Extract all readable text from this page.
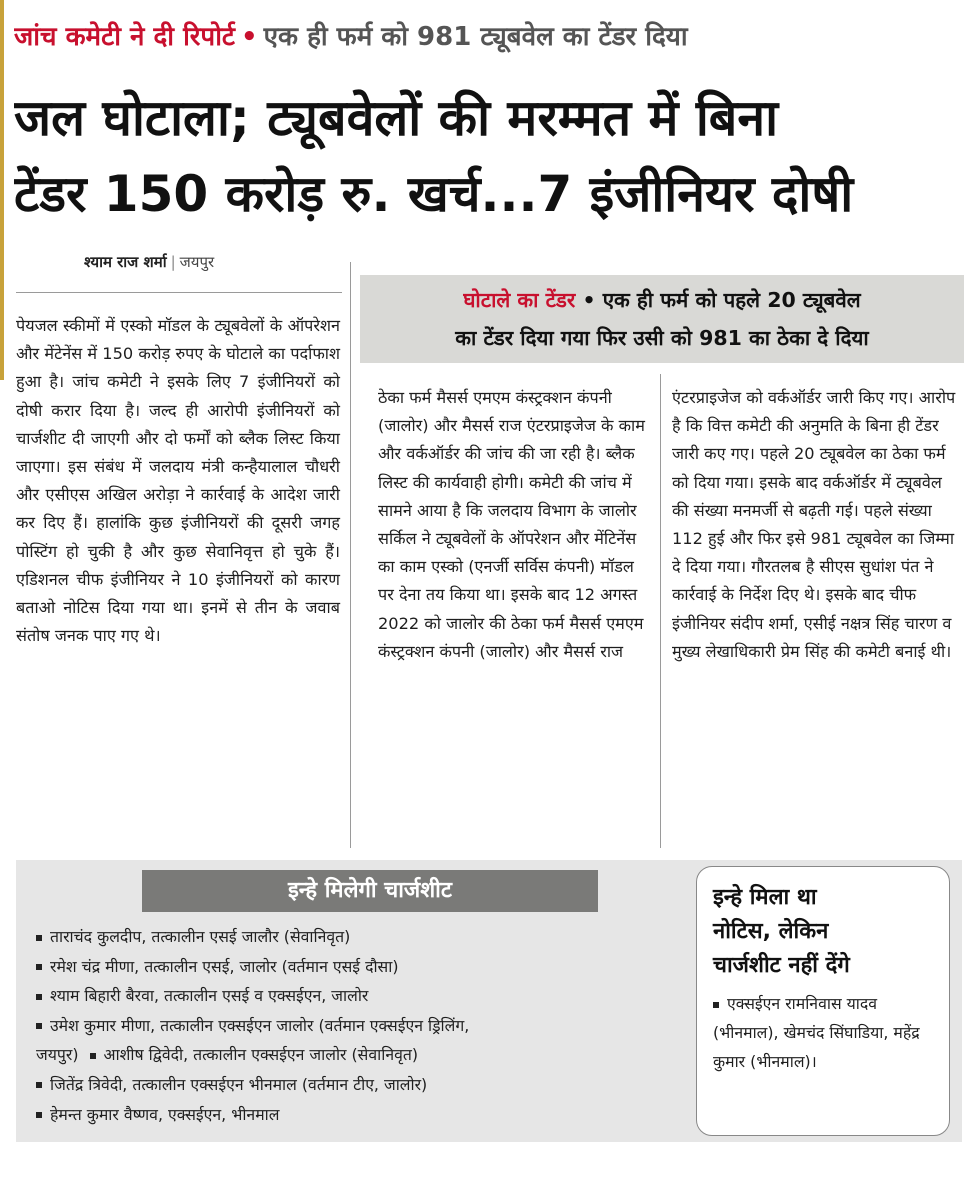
जांच कमेटी ने दी रिपोर्ट • एक ही फर्म को 981 ट्यूबवेल का टेंडर दिया
जल घोटाला; ट्यूबवेलों की मरम्मत में बिना
टेंडर 150 करोड़ रु. खर्च...7 इंजीनियर दोषी
श्याम राज शर्मा | जयपुर
घोटाले का टेंडर • एक ही फर्म को पहले 20 ट्यूबवेल
का टेंडर दिया गया फिर उसी को 981 का ठेका दे दिया
पेयजल स्कीमों में एस्को मॉडल के ट्यूबवेलों के ऑपरेशन और मेंटेनेंस में 150 करोड़ रुपए के घोटाले का पर्दाफाश हुआ है। जांच कमेटी ने इसके लिए 7 इंजीनियरों को दोषी करार दिया है। जल्द ही आरोपी इंजीनियरों को चार्जशीट दी जाएगी और दो फर्मों को ब्लैक लिस्ट किया जाएगा। इस संबंध में जलदाय मंत्री कन्हैयालाल चौधरी और एसीएस अखिल अरोड़ा ने कार्रवाई के आदेश जारी कर दिए हैं। हालांकि कुछ इंजीनियरों की दूसरी जगह पोस्टिंग हो चुकी है और कुछ सेवानिवृत्त हो चुके हैं। एडिशनल चीफ इंजीनियर ने 10 इंजीनियरों को कारण बताओ नोटिस दिया गया था। इनमें से तीन के जवाब संतोष जनक पाए गए थे।
ठेका फर्म मैसर्स एमएम कंस्ट्रक्शन कंपनी (जालोर) और मैसर्स राज एंटरप्राइजेज के काम और वर्कऑर्डर की जांच की जा रही है। ब्लैक लिस्ट की कार्यवाही होगी। कमेटी की जांच में सामने आया है कि जलदाय विभाग के जालोर सर्किल ने ट्यूबवेलों के ऑपरेशन और मेंटिनेंस का काम एस्को (एनर्जी सर्विस कंपनी) मॉडल पर देना तय किया था। इसके बाद 12 अगस्त 2022 को जालोर की ठेका फर्म मैसर्स एमएम कंस्ट्रक्शन कंपनी (जालोर) और मैसर्स राज
एंटरप्राइजेज को वर्कऑर्डर जारी किए गए। आरोप है कि वित्त कमेटी की अनुमति के बिना ही टेंडर जारी कए गए। पहले 20 ट्यूबवेल का ठेका फर्म को दिया गया। इसके बाद वर्कऑर्डर में ट्यूबवेल की संख्या मनमर्जी से बढ़ती गई। पहले संख्या 112 हुई और फिर इसे 981 ट्यूबवेल का जिम्मा दे दिया गया। गौरतलब है सीएस सुधांश पंत ने कार्रवाई के निर्देश दिए थे। इसके बाद चीफ इंजीनियर संदीप शर्मा, एसीई नक्षत्र सिंह चारण व मुख्य लेखाधिकारी प्रेम सिंह की कमेटी बनाई थी।
इन्हे मिलेगी चार्जशीट
ताराचंद कुलदीप, तत्कालीन एसई जालौर (सेवानिवृत)
रमेश चंद्र मीणा, तत्कालीन एसई, जालोर (वर्तमान एसई दौसा)
श्याम बिहारी बैरवा, तत्कालीन एसई व एक्सईएन, जालोर
उमेश कुमार मीणा, तत्कालीन एक्सईएन जालोर (वर्तमान एक्सईएन ड्रिलिंग,
जयपुर) आशीष द्विवेदी, तत्कालीन एक्सईएन जालोर (सेवानिवृत)
जितेंद्र त्रिवेदी, तत्कालीन एक्सईएन भीनमाल (वर्तमान टीए, जालोर)
हेमन्त कुमार वैष्णव, एक्सईएन, भीनमाल
इन्हे मिला था
नोटिस, लेकिन
चार्जशीट नहीं देंगे
एक्सईएन रामनिवास यादव (भीनमाल), खेमचंद सिंघाडिया, महेंद्र कुमार (भीनमाल)।
